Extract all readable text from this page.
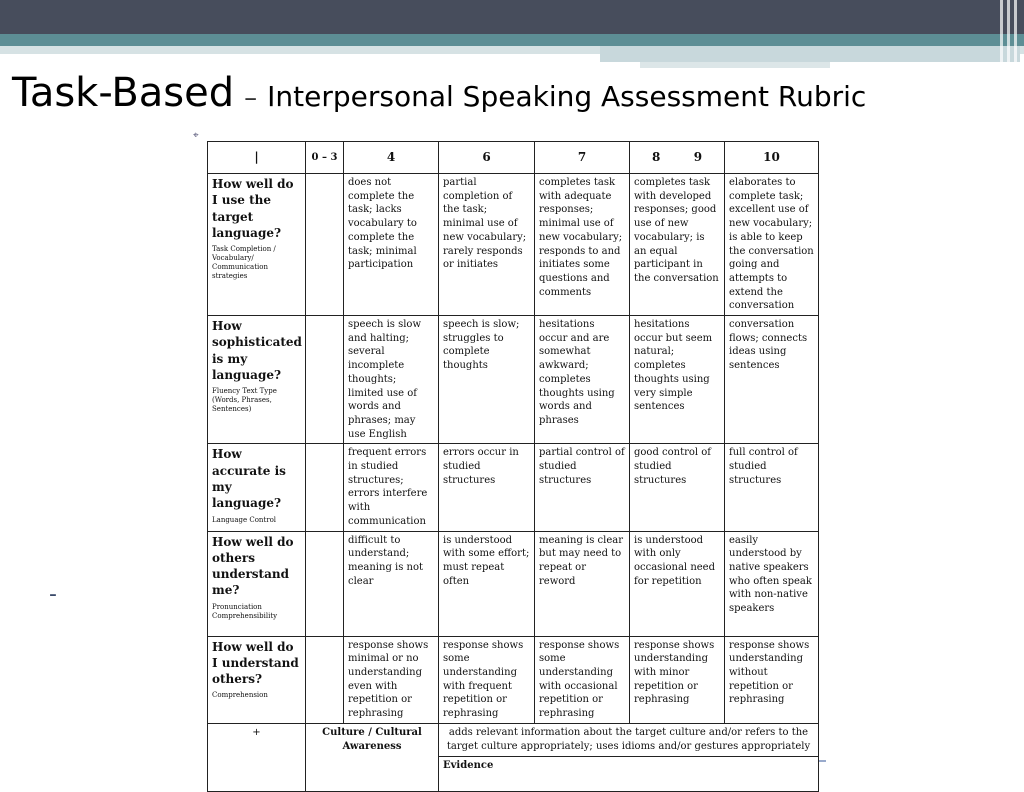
Task-Based – Interpersonal Speaking Assessment Rubric
⌖
-
|	0 – 3	4	6	7	8        9	10

How well do I use the target language?
Task Completion / Vocabulary/ Communication strategies		does not complete the task; lacks vocabulary to complete the task; minimal participation	partial completion of the task; minimal use of new vocabulary; rarely responds or initiates	completes task with adequate responses; minimal use of new vocabulary; responds to and initiates some questions and comments	completes task with developed responses; good use of new vocabulary; is an equal participant in the conversation	elaborates to complete task; excellent use of new vocabulary; is able to keep the conversation going and attempts to extend the conversation

How sophisticated is my language?
Fluency Text Type (Words, Phrases, Sentences)		speech is slow and halting; several incomplete thoughts; limited use of words and phrases; may use English	speech is slow; struggles to complete thoughts	hesitations occur and are somewhat awkward; completes thoughts using words and phrases	hesitations occur but seem natural; completes thoughts using very simple sentences	conversation flows; connects ideas using sentences

How accurate is my language?
Language Control		frequent errors in studied structures; errors interfere with communication	errors occur in studied structures	partial control of studied structures	good control of studied structures	full control of studied structures

How well do others understand me?
Pronunciation Comprehensibility		difficult to understand; meaning is not clear	is understood with some effort; must repeat often	meaning is clear but may need to repeat or reword	is understood with only occasional need for repetition	easily understood by native speakers who often speak with non-native speakers

How well do I understand others?
Comprehension		response shows minimal or no understanding even with repetition or rephrasing	response shows some understanding with frequent repetition or rephrasing	response shows some understanding with occasional repetition or rephrasing	response shows understanding with minor repetition or rephrasing	response shows understanding without repetition or rephrasing
+	Culture / Cultural Awareness		adds relevant information about the target culture and/or refers to the target culture appropriately; uses idioms and/or gestures appropriately			
			Evidence			
